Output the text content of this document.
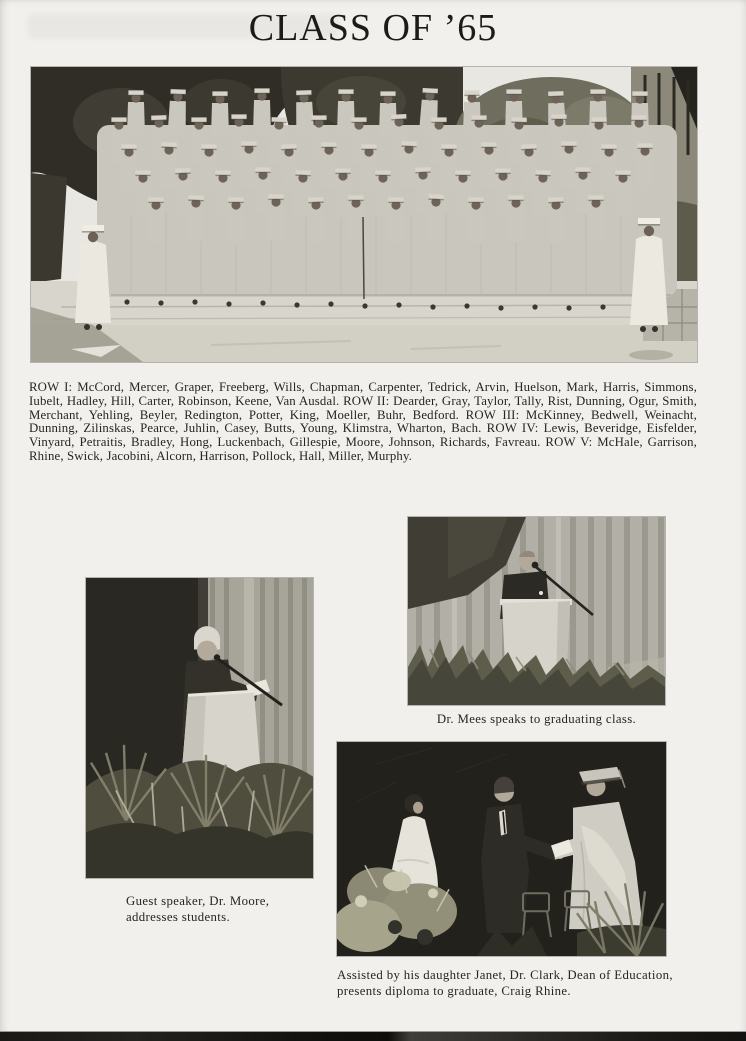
CLASS OF ’65

ROW I: McCord, Mercer, Graper, Freeberg, Wills, Chapman, Carpenter, Tedrick, Arvin, Huelson, Mark, Harris, Simmons, Iubelt, Hadley, Hill, Carter, Robinson, Keene, Van Ausdal. ROW II: Dearder, Gray, Taylor, Tally, Rist, Dunning, Ogur, Smith, Merchant, Yehling, Beyler, Redington, Potter, King, Moeller, Buhr, Bedford. ROW III: McKinney, Bedwell, Weinacht, Dunning, Zilinskas, Pearce, Juhlin, Casey, Butts, Young, Klimstra, Wharton, Bach. ROW IV: Lewis, Beveridge, Eisfelder, Vinyard, Petraitis, Bradley, Hong, Luckenbach, Gillespie, Moore, Johnson, Richards, Favreau. ROW V: McHale, Garrison, Rhine, Swick, Jacobini, Alcorn, Harrison, Pollock, Hall, Miller, Murphy.

Dr. Mees speaks to graduating class.

Guest speaker, Dr. Moore,
addresses students.

Assisted by his daughter Janet, Dr. Clark, Dean of Education,
presents diploma to graduate, Craig Rhine.
